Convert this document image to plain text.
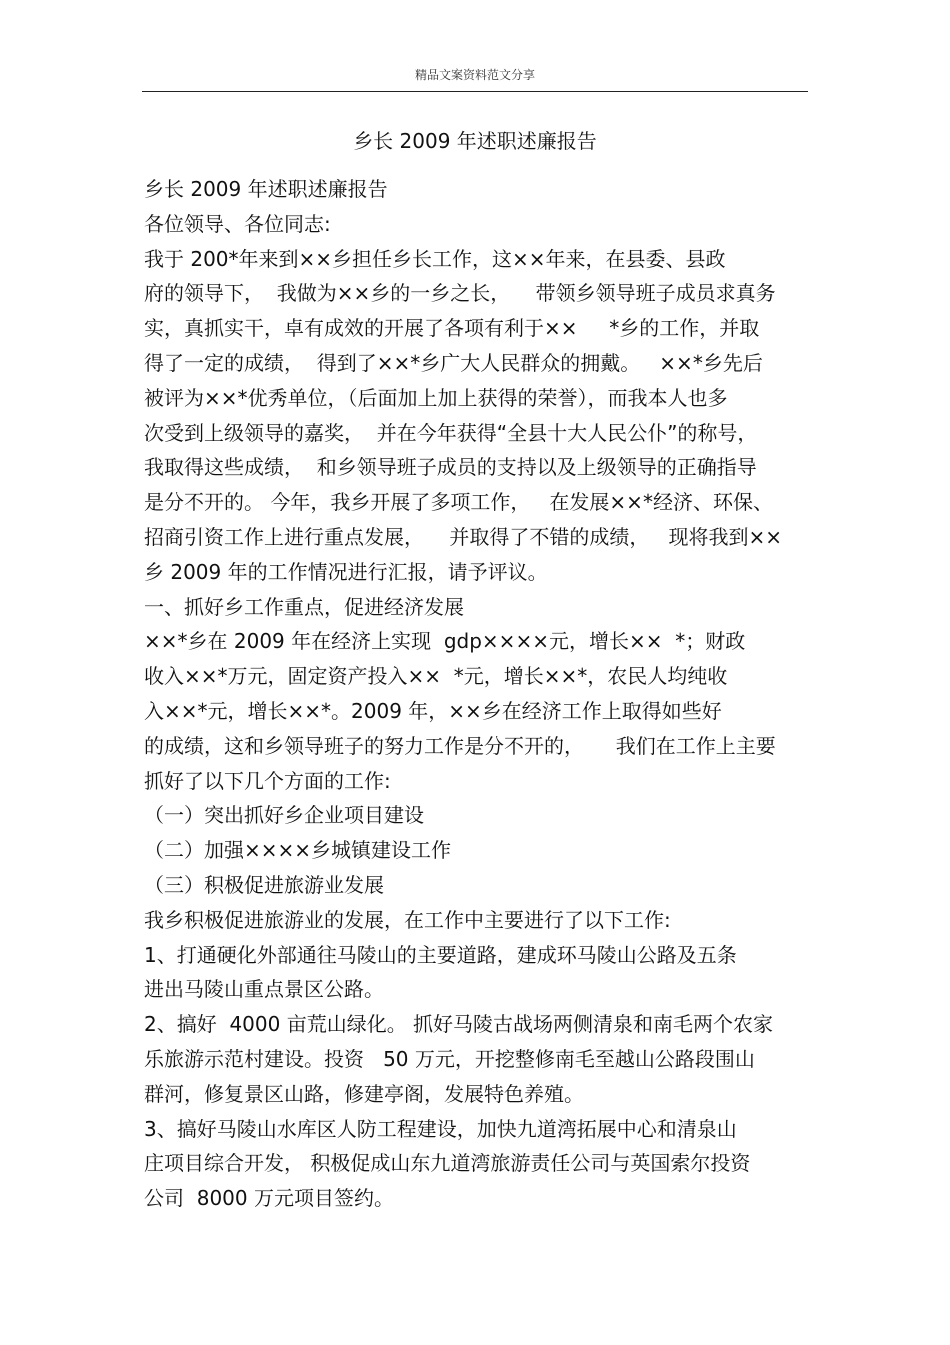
精品文案资料范文分享
乡长 2009 年述职述廉报告
乡长 2009 年述职述廉报告
各位领导、各位同志:
我于 200*年来到××乡担任乡长工作，这××年来，在县委、县政
府的领导下，  我做为××乡的一乡之长，    带领乡领导班子成员求真务
实，真抓实干，卓有成效的开展了各项有利于××     *乡的工作，并取
得了一定的成绩，  得到了××*乡广大人民群众的拥戴。   ××*乡先后
被评为××*优秀单位，（后面加上加上获得的荣誉），而我本人也多
次受到上级领导的嘉奖，  并在今年获得“全县十大人民公仆”的称号，
我取得这些成绩，  和乡领导班子成员的支持以及上级领导的正确指导
是分不开的。 今年，我乡开展了多项工作，   在发展××*经济、环保、
招商引资工作上进行重点发展，    并取得了不错的成绩，   现将我到××
乡 2009 年的工作情况进行汇报，请予评议。
一、抓好乡工作重点，促进经济发展
××*乡在 2009 年在经济上实现  gdp××××元，增长××  *；财政
收入××*万元，固定资产投入××  *元，增长××*，农民人均纯收
入××*元，增长××*。2009 年，××乡在经济工作上取得如些好
的成绩，这和乡领导班子的努力工作是分不开的，     我们在工作上主要
抓好了以下几个方面的工作:
（一）突出抓好乡企业项目建设
（二）加强××××乡城镇建设工作
（三）积极促进旅游业发展
我乡积极促进旅游业的发展，在工作中主要进行了以下工作:
1、打通硬化外部通往马陵山的主要道路，建成环马陵山公路及五条
进出马陵山重点景区公路。
2、搞好  4000 亩荒山绿化。 抓好马陵古战场两侧清泉和南毛两个农家
乐旅游示范村建设。投资   50 万元，开挖整修南毛至越山公路段围山
群河，修复景区山路，修建亭阁，发展特色养殖。
3、搞好马陵山水库区人防工程建设，加快九道湾拓展中心和清泉山
庄项目综合开发， 积极促成山东九道湾旅游责任公司与英国索尔投资
公司  8000 万元项目签约。
